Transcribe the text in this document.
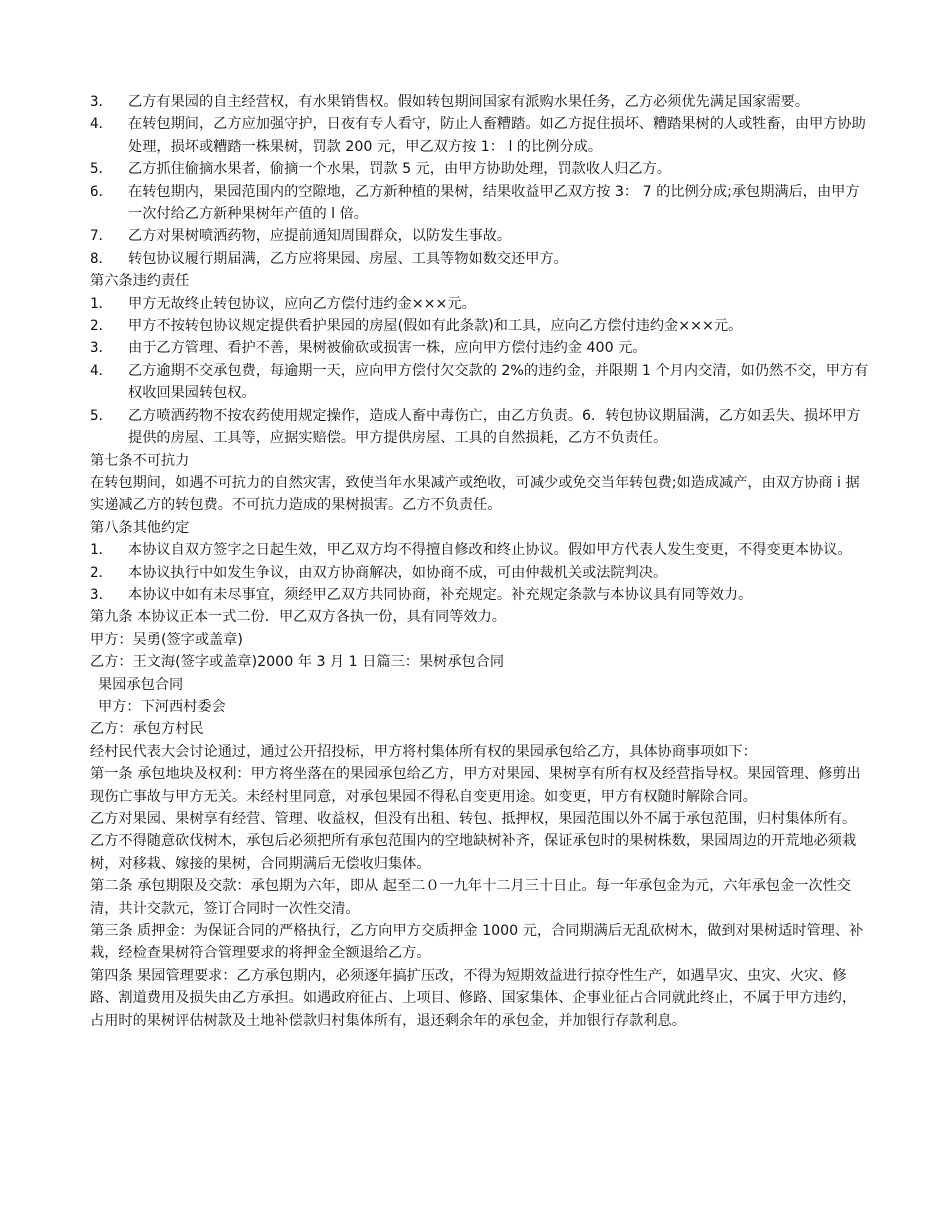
3．	乙方有果园的自主经营权，有水果销售权。假如转包期间国家有派购水果任务，乙方必须优先满足国家需要。
4．	在转包期间，乙方应加强守护，日夜有专人看守，防止人畜糟踏。如乙方捉住损坏、糟踏果树的人或牲畜，由甲方协助处理，损坏或糟踏一株果树，罚款 200 元，甲乙双方按 1： l 的比例分成。
5．	乙方抓住偷摘水果者，偷摘一个水果，罚款 5 元，由甲方协助处理，罚款收人归乙方。
6．	在转包期内，果园范围内的空隙地，乙方新种植的果树，结果收益甲乙双方按 3： 7 的比例分成;承包期满后，由甲方一次付给乙方新种果树年产值的 l 倍。
7．	乙方对果树喷洒药物，应提前通知周围群众，以防发生事故。
8．	转包协议履行期届满，乙方应将果园、房屋、工具等物如数交还甲方。
第六条违约责任
1．	甲方无故终止转包协议，应向乙方偿付违约金×××元。
2．	甲方不按转包协议规定提供看护果园的房屋(假如有此条款)和工具，应向乙方偿付违约金×××元。
3．	由于乙方管理、看护不善，果树被偷砍或损害一株，应向甲方偿付违约金 400 元。
4．	乙方逾期不交承包费，每逾期一天，应向甲方偿付欠交款的 2%的违约金，并限期 1 个月内交清，如仍然不交，甲方有权收回果园转包权。
5．	乙方喷洒药物不按农药使用规定操作，造成人畜中毒伤亡，由乙方负责。6．转包协议期届满，乙方如丢失、损坏甲方提供的房屋、工具等，应据实赔偿。甲方提供房屋、工具的自然损耗，乙方不负责任。
第七条不可抗力
在转包期间，如遇不可抗力的自然灾害，致使当年水果减产或绝收，可减少或免交当年转包费;如造成减产，由双方协商 i 据实递减乙方的转包费。不可抗力造成的果树损害。乙方不负责任。
第八条其他约定
1．	本协议自双方签字之日起生效，甲乙双方均不得擅自修改和终止协议。假如甲方代表人发生变更，不得变更本协议。
2．	本协议执行中如发生争议，由双方协商解决，如协商不成，可由仲裁机关或法院判决。
3．	本协议中如有未尽事宜，须经甲乙双方共同协商，补充规定。补充规定条款与本协议具有同等效力。
第九条 本协议正本一式二份．甲乙双方各执一份，具有同等效力。
甲方：吴勇(签字或盖章)
乙方：王文海(签字或盖章)2000 年 3 月 1 日篇三：果树承包合同
果园承包合同
甲方：下河西村委会
乙方：承包方村民
经村民代表大会讨论通过，通过公开招投标，甲方将村集体所有权的果园承包给乙方，具体协商事项如下：
第一条 承包地块及权利：甲方将坐落在的果园承包给乙方，甲方对果园、果树享有所有权及经营指导权。果园管理、修剪出现伤亡事故与甲方无关。未经村里同意，对承包果园不得私自变更用途。如变更，甲方有权随时解除合同。
乙方对果园、果树享有经营、管理、收益权，但没有出租、转包、抵押权，果园范围以外不属于承包范围，归村集体所有。乙方不得随意砍伐树木，承包后必须把所有承包范围内的空地缺树补齐，保证承包时的果树株数，果园周边的开荒地必须栽树，对移栽、嫁接的果树，合同期满后无偿收归集体。
第二条 承包期限及交款：承包期为六年，即从 起至二０一九年十二月三十日止。每一年承包金为元，六年承包金一次性交清，共计交款元，签订合同时一次性交清。
第三条 质押金：为保证合同的严格执行，乙方向甲方交质押金 1000 元，合同期满后无乱砍树木，做到对果树适时管理、补栽，经检查果树符合管理要求的将押金全额退给乙方。
第四条 果园管理要求：乙方承包期内，必须逐年搞扩压改，不得为短期效益进行掠夺性生产，如遇旱灾、虫灾、火灾、修路、割道费用及损失由乙方承担。如遇政府征占、上项目、修路、国家集体、企事业征占合同就此终止，不属于甲方违约，占用时的果树评估树款及土地补偿款归村集体所有，退还剩余年的承包金，并加银行存款利息。
